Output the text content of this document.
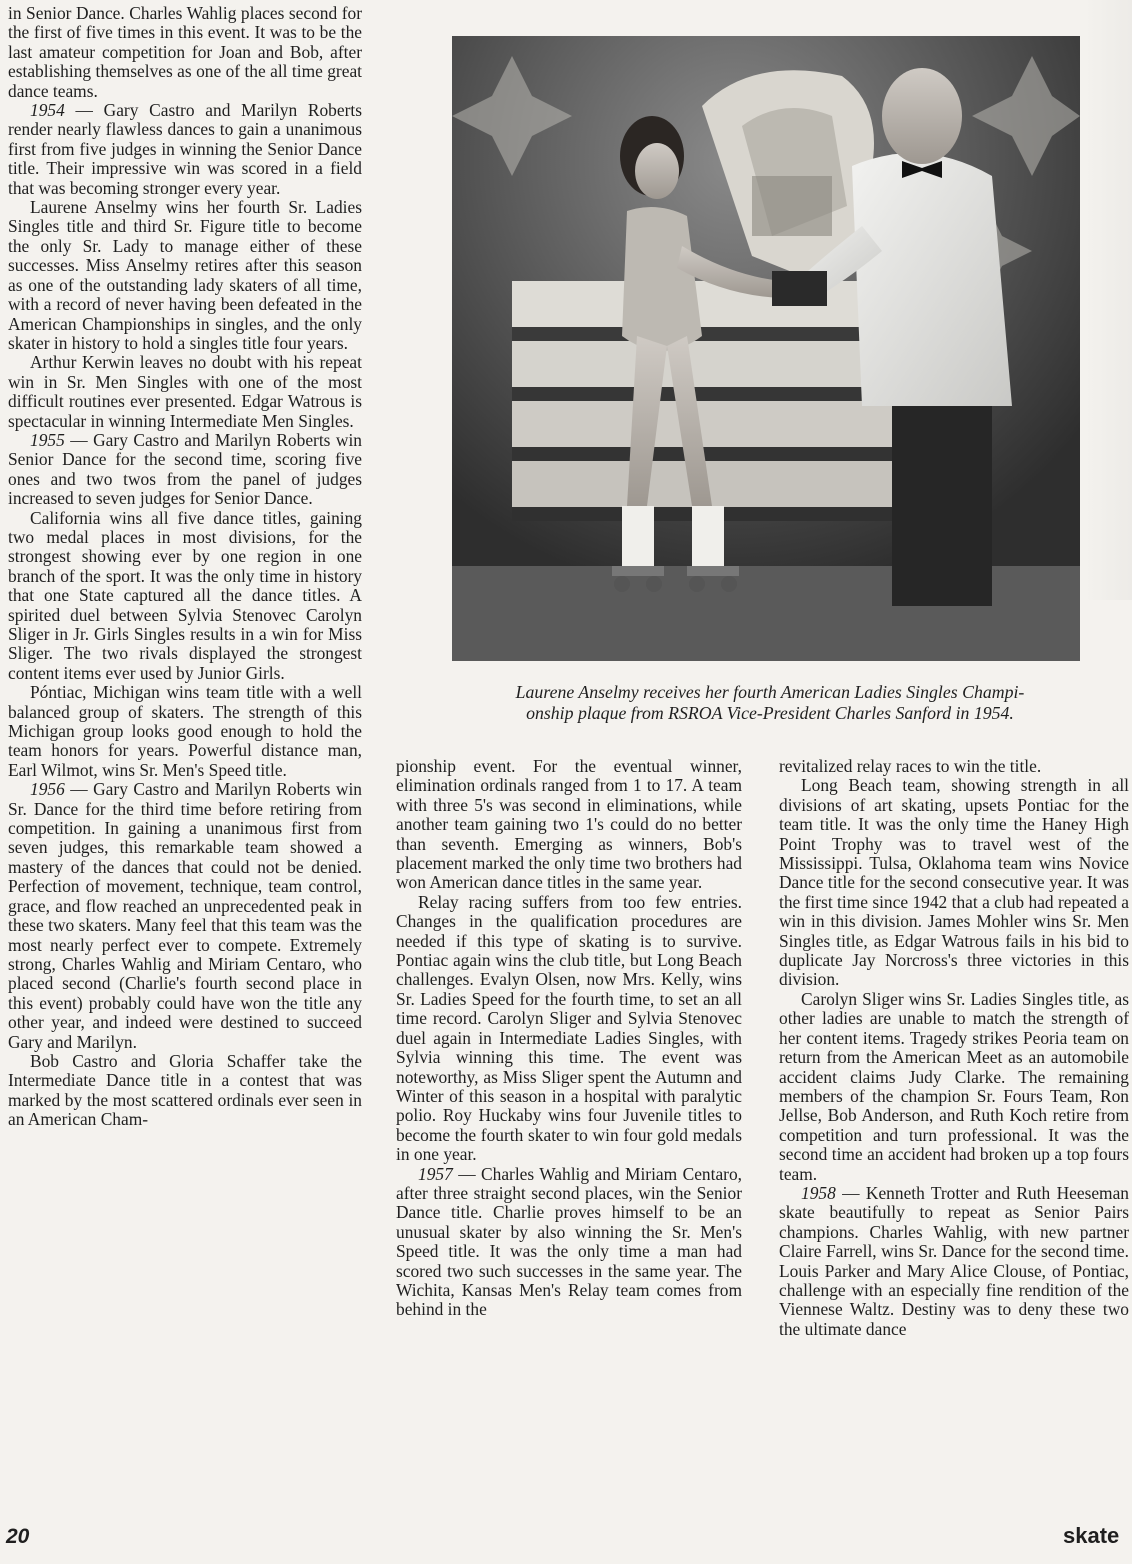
in Senior Dance. Charles Wahlig places second for the first of five times in this event. It was to be the last amateur competition for Joan and Bob, after establishing themselves as one of the all time great dance teams.

1954 — Gary Castro and Marilyn Roberts render nearly flawless dances to gain a unanimous first from five judges in winning the Senior Dance title. Their impressive win was scored in a field that was becoming stronger every year.

Laurene Anselmy wins her fourth Sr. Ladies Singles title and third Sr. Figure title to become the only Sr. Lady to manage either of these successes. Miss Anselmy retires after this season as one of the outstanding lady skaters of all time, with a record of never having been defeated in the American Championships in singles, and the only skater in history to hold a singles title four years.

Arthur Kerwin leaves no doubt with his repeat win in Sr. Men Singles with one of the most difficult routines ever presented. Edgar Watrous is spectacular in winning Intermediate Men Singles.

1955 — Gary Castro and Marilyn Roberts win Senior Dance for the second time, scoring five ones and two twos from the panel of judges increased to seven judges for Senior Dance.

California wins all five dance titles, gaining two medal places in most divisions, for the strongest showing ever by one region in one branch of the sport. It was the only time in history that one State captured all the dance titles. A spirited duel between Sylvia Stenovec Carolyn Sliger in Jr. Girls Singles results in a win for Miss Sliger. The two rivals displayed the strongest content items ever used by Junior Girls.

Póntiac, Michigan wins team title with a well balanced group of skaters. The strength of this Michigan group looks good enough to hold the team honors for years. Powerful distance man, Earl Wilmot, wins Sr. Men's Speed title.

1956 — Gary Castro and Marilyn Roberts win Sr. Dance for the third time before retiring from competition. In gaining a unanimous first from seven judges, this remarkable team showed a mastery of the dances that could not be denied. Perfection of movement, technique, team control, grace, and flow reached an unprecedented peak in these two skaters. Many feel that this team was the most nearly perfect ever to compete. Extremely strong, Charles Wahlig and Miriam Centaro, who placed second (Charlie's fourth second place in this event) probably could have won the title any other year, and indeed were destined to succeed Gary and Marilyn.

Bob Castro and Gloria Schaffer take the Intermediate Dance title in a contest that was marked by the most scattered ordinals ever seen in an American Cham-

Laurene Anselmy receives her fourth American Ladies Singles Champi-
onship plaque from RSROA Vice-President Charles Sanford in 1954.

pionship event. For the eventual winner, elimination ordinals ranged from 1 to 17. A team with three 5's was second in eliminations, while another team gaining two 1's could do no better than seventh. Emerging as winners, Bob's placement marked the only time two brothers had won American dance titles in the same year.

Relay racing suffers from too few entries. Changes in the qualification procedures are needed if this type of skating is to survive. Pontiac again wins the club title, but Long Beach challenges. Evalyn Olsen, now Mrs. Kelly, wins Sr. Ladies Speed for the fourth time, to set an all time record. Carolyn Sliger and Sylvia Stenovec duel again in Intermediate Ladies Singles, with Sylvia winning this time. The event was noteworthy, as Miss Sliger spent the Autumn and Winter of this season in a hospital with paralytic polio. Roy Huckaby wins four Juvenile titles to become the fourth skater to win four gold medals in one year.

1957 — Charles Wahlig and Miriam Centaro, after three straight second places, win the Senior Dance title. Charlie proves himself to be an unusual skater by also winning the Sr. Men's Speed title. It was the only time a man had scored two such successes in the same year. The Wichita, Kansas Men's Relay team comes from behind in the

revitalized relay races to win the title.

Long Beach team, showing strength in all divisions of art skating, upsets Pontiac for the team title. It was the only time the Haney High Point Trophy was to travel west of the Mississippi. Tulsa, Oklahoma team wins Novice Dance title for the second consecutive year. It was the first time since 1942 that a club had repeated a win in this division. James Mohler wins Sr. Men Singles title, as Edgar Watrous fails in his bid to duplicate Jay Norcross's three victories in this division.

Carolyn Sliger wins Sr. Ladies Singles title, as other ladies are unable to match the strength of her content items. Tragedy strikes Peoria team on return from the American Meet as an automobile accident claims Judy Clarke. The remaining members of the champion Sr. Fours Team, Ron Jellse, Bob Anderson, and Ruth Koch retire from competition and turn professional. It was the second time an accident had broken up a top fours team.

1958 — Kenneth Trotter and Ruth Heeseman skate beautifully to repeat as Senior Pairs champions. Charles Wahlig, with new partner Claire Farrell, wins Sr. Dance for the second time. Louis Parker and Mary Alice Clouse, of Pontiac, challenge with an especially fine rendition of the Viennese Waltz. Destiny was to deny these two the ultimate dance

20	skate
